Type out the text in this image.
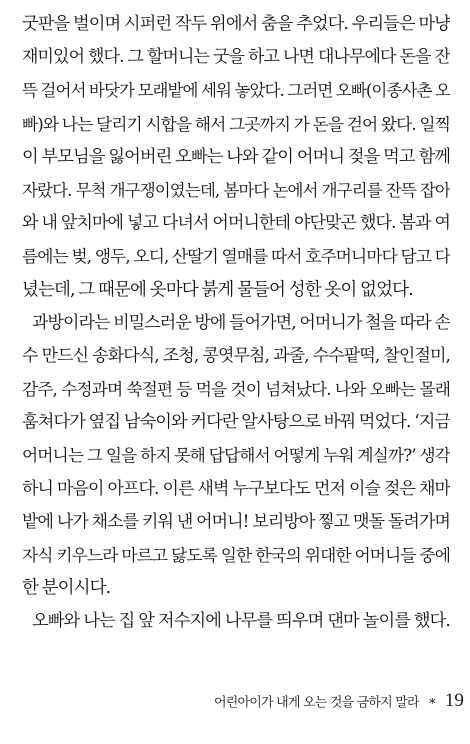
굿판을 벌이며 시퍼런 작두 위에서 춤을 추었다. 우리들은 마냥
재미있어 했다. 그 할머니는 굿을 하고 나면 대나무에다 돈을 잔
뜩 걸어서 바닷가 모래밭에 세워 놓았다. 그러면 오빠(이종사촌 오
빠)와 나는 달리기 시합을 해서 그곳까지 가 돈을 걷어 왔다. 일찍
이 부모님을 잃어버린 오빠는 나와 같이 어머니 젖을 먹고 함께
자랐다. 무척 개구쟁이였는데, 봄마다 논에서 개구리를 잔뜩 잡아
와 내 앞치마에 넣고 다녀서 어머니한테 야단맞곤 했다. 봄과 여
름에는 벚, 앵두, 오디, 산딸기 열매를 따서 호주머니마다 담고 다
녔는데, 그 때문에 옷마다 붉게 물들어 성한 옷이 없었다.
과방이라는 비밀스러운 방에 들어가면, 어머니가 철을 따라 손
수 만드신 송화다식, 조청, 콩엿무침, 과줄, 수수팥떡, 찰인절미,
감주, 수정과며 쑥절편 등 먹을 것이 넘쳐났다. 나와 오빠는 몰래
훔쳐다가 옆집 남숙이와 커다란 알사탕으로 바꿔 먹었다. ‘지금
어머니는 그 일을 하지 못해 답답해서 어떻게 누워 계실까?’ 생각
하니 마음이 아프다. 이른 새벽 누구보다도 먼저 이슬 젖은 채마
밭에 나가 채소를 키워 낸 어머니! 보리방아 찧고 맷돌 돌려가며
자식 키우느라 마르고 닳도록 일한 한국의 위대한 어머니들 중에
한 분이시다.
오빠와 나는 집 앞 저수지에 나무를 띄우며 댄마 놀이를 했다.
어린아이가 내게 오는 것을 금하지 말라 ∗ 19
